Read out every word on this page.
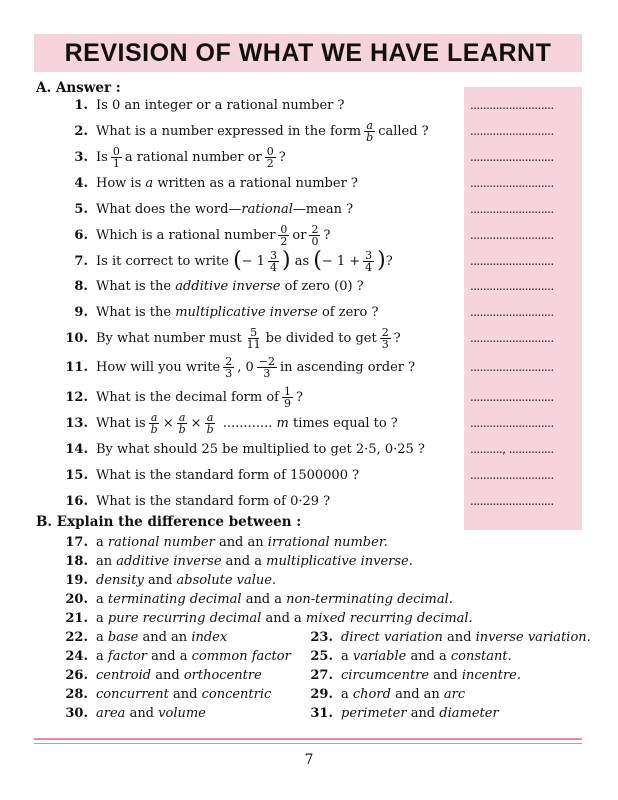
REVISION OF WHAT WE HAVE LEARNT
A. Answer :
1. Is 0 an integer or a rational number ?	..........................
2. What is a number expressed in the form $\frac{a}{b}$ called ?	..........................
3. Is $\frac{0}{1}$ a rational number or $\frac{0}{2}$ ?	..........................
4. How is
a
written as a rational number ?	..........................
5. What does the word— rational —mean ?	..........................
6. Which is a rational number $\frac{0}{2}$ or $\frac{2}{0}$ ?	..........................
7. Is it correct to write
( − $1 \frac{3}{4}$ )
as
( − $1 + \frac{3}{4}$ ) ?	..........................
8. What is the
additive inverse
of zero (0) ?	..........................
9. What is the
multiplicative inverse
of zero ?	..........................
10. By what number must $\frac{5}{11}$ be divided to get $\frac{2}{3}$ ?	..........................
11. How will you write $\frac{2}{3}$ , $0 \frac{-2}{3}$ in ascending order ?	..........................
12. What is the decimal form of $\frac{1}{9}$ ?	..........................
13. What is $\frac{a}{b} \times \frac{a}{b} \times \frac{a}{b}$
............
m
times equal to ?	..........................
14. By what should 25 be multiplied to get 2·5, 0·25 ?	.........., ..............
15. What is the standard form of 1500000 ?	..........................
16. What is the standard form of 0·29 ?	..........................
B. Explain the difference between :
17. a
rational number
and an
irrational number.
18. an
additive inverse
and a
multiplicative inverse.
19. density
and
absolute value.
20. a
terminating decimal
and a
non-terminating decimal.
21. a
pure recurring decimal
and a
mixed recurring decimal.
22. a
base
and an
index
24. a
factor
and a
common factor
26. centroid
and
orthocentre
28. concurrent
and
concentric
30. area
and
volume
23. direct variation
and
inverse variation.
25. a
variable
and a
constant.
27. circumcentre
and
incentre.
29. a
chord
and an
arc
31. perimeter
and
diameter
7
